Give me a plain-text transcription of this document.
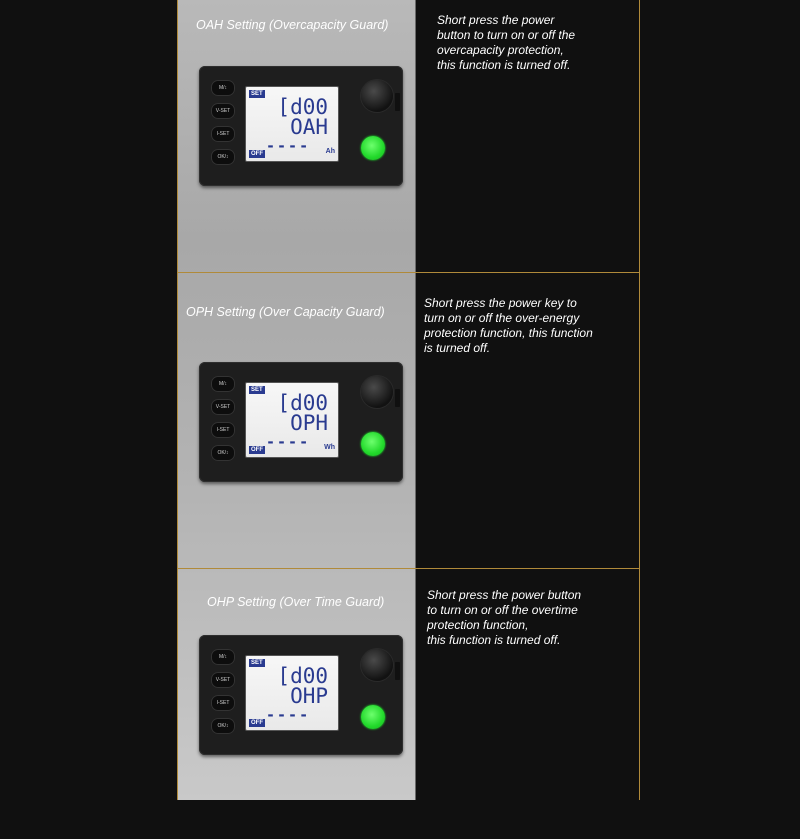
OAH Setting (Overcapacity Guard)	Short press the power
button to turn on or off the
overcapacity protection,
this function is turned off.

M/↕
V-SET
I-SET
OK/↕
SET
[d00
OAH
---- Ah
OFF
OPH Setting (Over Capacity Guard)

Short press the power key to
turn on or off the over-energy
protection function, this function
is turned off.

M/↕
V-SET
I-SET
OK/↕
SET
[d00
OPH
---- Wh
OFF
OHP Setting (Over Time Guard)	Short press the power button
to turn on or off the overtime
protection function,
this function is turned off.

M/↕
V-SET
I-SET
OK/↕
SET
[d00
OHP
----
OFF
